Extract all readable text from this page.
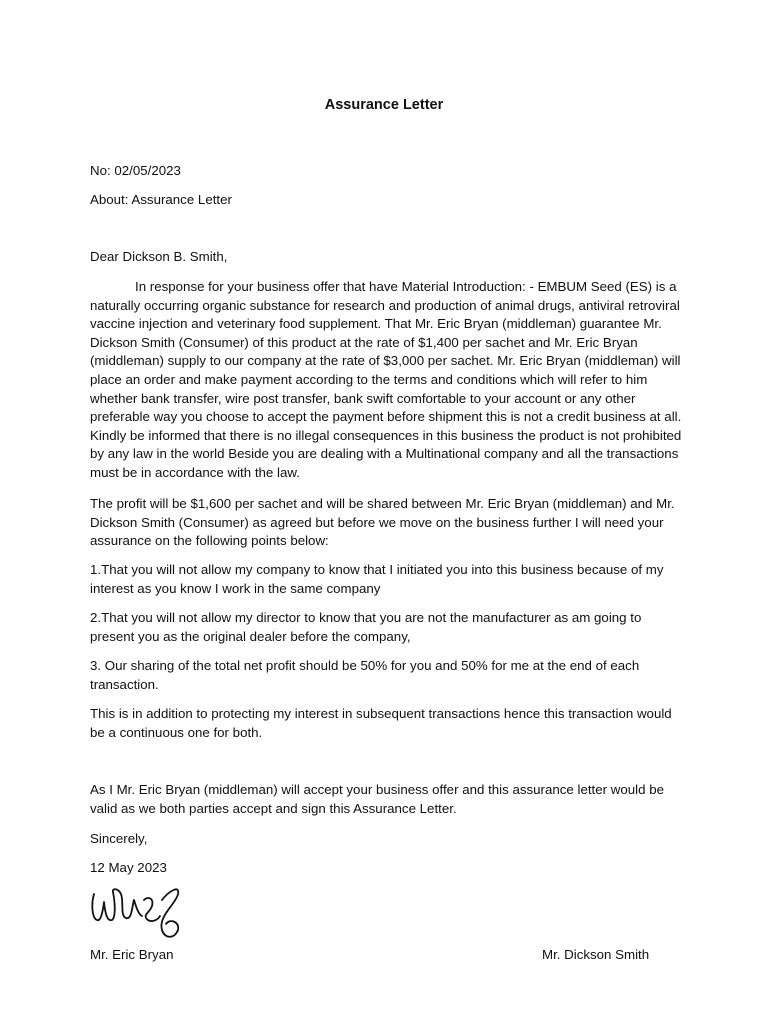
Assurance Letter
No: 02/05/2023
About: Assurance Letter
Dear Dickson B. Smith,

In response for your business offer that have Material Introduction: - EMBUM Seed (ES) is a naturally occurring organic substance for research and production of animal drugs, antiviral retroviral vaccine injection and veterinary food supplement. That Mr. Eric Bryan (middleman) guarantee Mr. Dickson Smith (Consumer) of this product at the rate of $1,400 per sachet and Mr. Eric Bryan (middleman) supply to our company at the rate of $3,000 per sachet. Mr. Eric Bryan (middleman) will place an order and make payment according to the terms and conditions which will refer to him whether bank transfer, wire post transfer, bank swift comfortable to your account or any other preferable way you choose to accept the payment before shipment this is not a credit business at all. Kindly be informed that there is no illegal consequences in this business the product is not prohibited by any law in the world Beside you are dealing with a Multinational company and all the transactions must be in accordance with the law.

The profit will be $1,600 per sachet and will be shared between Mr. Eric Bryan (middleman) and Mr. Dickson Smith (Consumer) as agreed but before we move on the business further I will need your assurance on the following points below:

1.That you will not allow my company to know that I initiated you into this business because of my interest as you know I work in the same company

2.That you will not allow my director to know that you are not the manufacturer as am going to present you as the original dealer before the company,

3. Our sharing of the total net profit should be 50% for you and 50% for me at the end of each transaction.

This is in addition to protecting my interest in subsequent transactions hence this transaction would be a continuous one for both.

As I Mr. Eric Bryan (middleman) will accept your business offer and this assurance letter would be valid as we both parties accept and sign this Assurance Letter.

Sincerely,
12 May 2023
Mr. Eric Bryan	Mr. Dickson Smith
